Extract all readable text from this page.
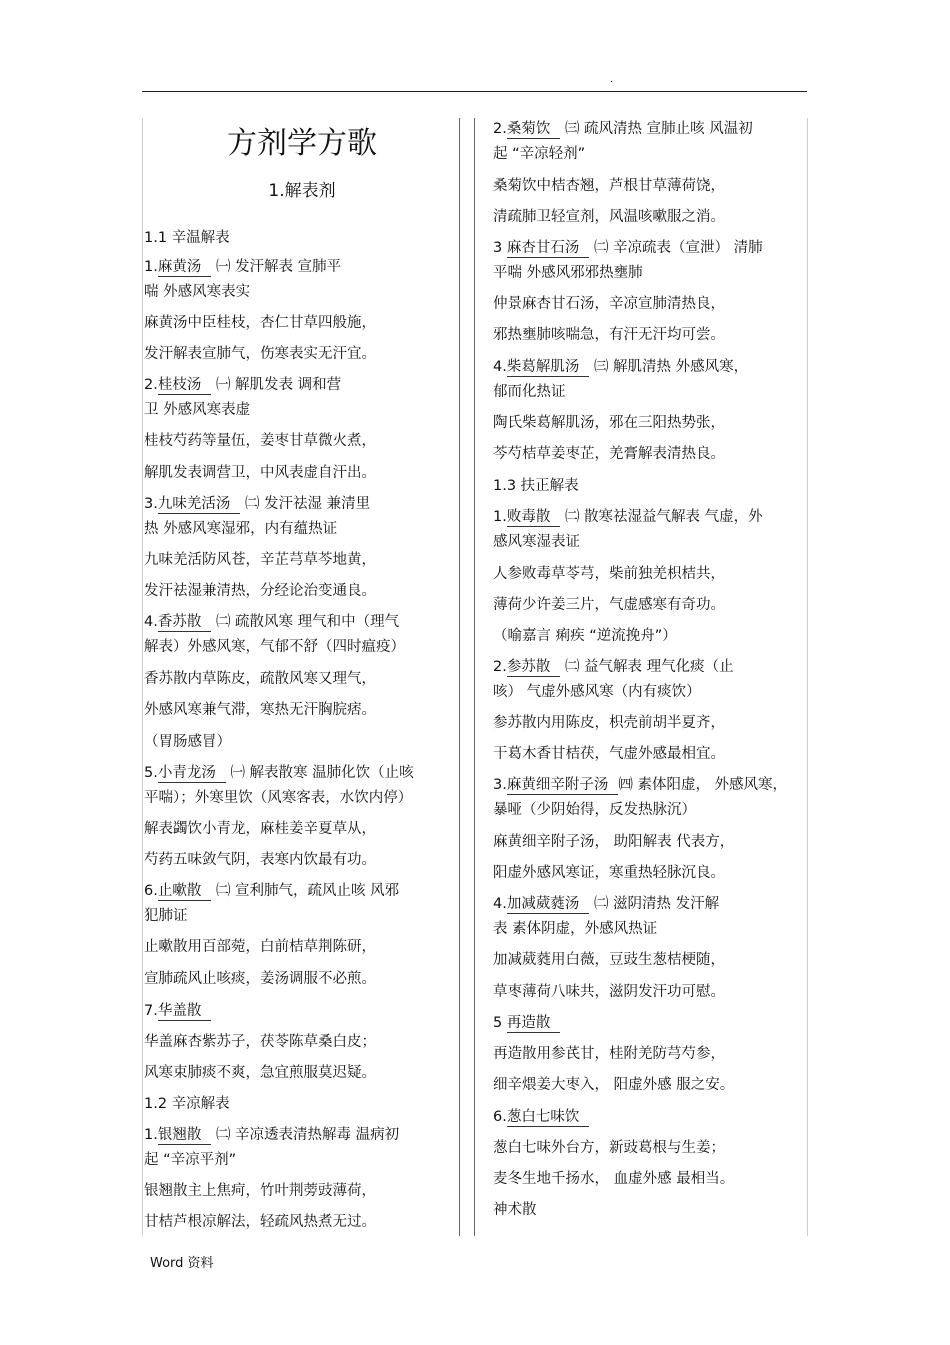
.
方剂学方歌
1.解表剂
1.1 辛温解表
1.麻黄汤 ㈠ 发汗解表 宣肺平
喘 外感风寒表实
麻黄汤中臣桂枝，杏仁甘草四般施，
发汗解表宣肺气，伤寒表实无汗宜。
2.桂枝汤 ㈠ 解肌发表 调和营
卫 外感风寒表虚
桂枝芍药等量伍，姜枣甘草微火煮，
解肌发表调营卫，中风表虚自汗出。
3.九味羌活汤 ㈡ 发汗祛湿 兼清里
热 外感风寒湿邪，内有蕴热证
九味羌活防风苍，辛芷芎草芩地黄，
发汗祛湿兼清热，分经论治变通良。
4.香苏散 ㈡ 疏散风寒 理气和中（理气
解表）外感风寒，气郁不舒（四时瘟疫）
香苏散内草陈皮，疏散风寒又理气，
外感风寒兼气滞，寒热无汗胸脘痞。
（胃肠感冒）
5.小青龙汤 ㈠ 解表散寒 温肺化饮（止咳
平喘）；外寒里饮（风寒客表，水饮内停）
解表蠲饮小青龙，麻桂姜辛夏草从，
芍药五味敛气阴，表寒内饮最有功。
6.止嗽散 ㈡ 宣利肺气，疏风止咳 风邪
犯肺证
止嗽散用百部菀，白前桔草荆陈研，
宣肺疏风止咳痰，姜汤调服不必煎。
7.华盖散
华盖麻杏紫苏子，茯苓陈草桑白皮；
风寒束肺痰不爽，急宜煎服莫迟疑。
1.2 辛凉解表
1.银翘散 ㈡ 辛凉透表清热解毒 温病初
起 “辛凉平剂”
银翘散主上焦疴，竹叶荆蒡豉薄荷，
甘桔芦根凉解法，轻疏风热煮无过。
2.桑菊饮 ㈢ 疏风清热 宣肺止咳 风温初
起 “辛凉轻剂”
桑菊饮中桔杏翘，芦根甘草薄荷饶，
清疏肺卫轻宣剂，风温咳嗽服之消。
3 麻杏甘石汤 ㈡ 辛凉疏表（宣泄） 清肺
平喘 外感风邪邪热壅肺
仲景麻杏甘石汤，辛凉宣肺清热良，
邪热壅肺咳喘急，有汗无汗均可尝。
4.柴葛解肌汤 ㈢ 解肌清热 外感风寒，
郁而化热证
陶氏柴葛解肌汤，邪在三阳热势张，
芩芍桔草姜枣芷，羌膏解表清热良。
1.3 扶正解表
1.败毒散 ㈡ 散寒祛湿益气解表 气虚，外
感风寒湿表证
人参败毒草苓芎，柴前独羌枳桔共，
薄荷少许姜三片，气虚感寒有奇功。
（喻嘉言 痢疾 “逆流挽舟”）
2.参苏散 ㈡ 益气解表 理气化痰（止
咳） 气虚外感风寒（内有痰饮）
参苏散内用陈皮，枳壳前胡半夏齐，
干葛木香甘桔茯，气虚外感最相宜。
3.麻黄细辛附子汤 ㈣ 素体阳虚， 外感风寒，
暴哑（少阴始得，反发热脉沉）
麻黄细辛附子汤， 助阳解表 代表方，
阳虚外感风寒证，寒重热轻脉沉良。
4.加减葳蕤汤 ㈡ 滋阴清热 发汗解
表 素体阴虚，外感风热证
加减葳蕤用白薇，豆豉生葱桔梗随，
草枣薄荷八味共，滋阴发汗功可慰。
5 再造散
再造散用参芪甘，桂附羌防芎芍参，
细辛煨姜大枣入， 阳虚外感 服之安。
6.葱白七味饮
葱白七味外台方，新豉葛根与生姜；
麦冬生地千扬水， 血虚外感 最相当。
神术散
Word 资料
